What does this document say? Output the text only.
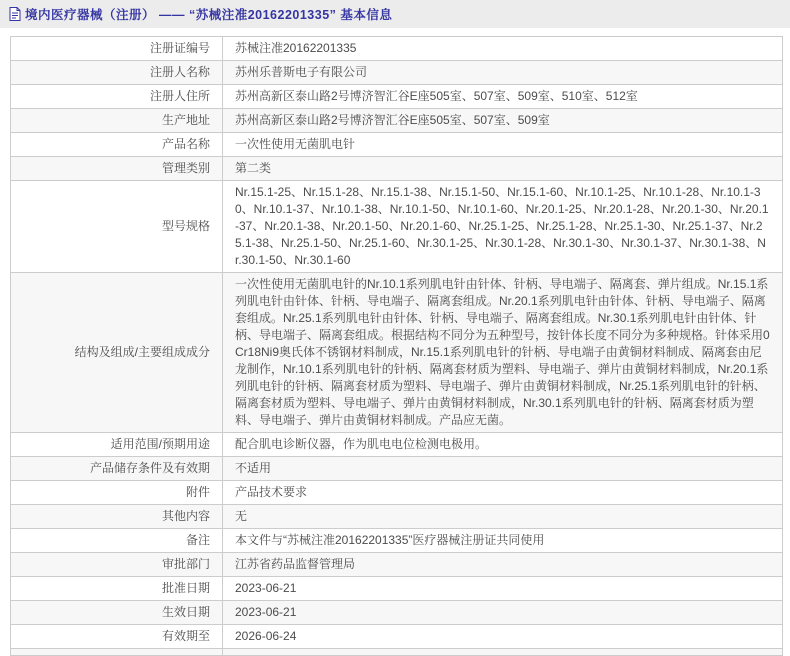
境内医疗器械（注册） —— “苏械注准20162201335” 基本信息
注册证编号	苏械注准20162201335
注册人名称	苏州乐普斯电子有限公司
注册人住所	苏州高新区泰山路2号博济智汇谷E座505室、507室、509室、510室、512室
生产地址	苏州高新区泰山路2号博济智汇谷E座505室、507室、509室
产品名称	一次性使用无菌肌电针
管理类别	第二类
型号规格	Nr.15.1-25、Nr.15.1-28、Nr.15.1-38、Nr.15.1-50、Nr.15.1-60、Nr.10.1-25、Nr.10.1-28、Nr.10.1-30、Nr.10.1-37、Nr.10.1-38、Nr.10.1-50、Nr.10.1-60、Nr.20.1-25、Nr.20.1-28、Nr.20.1-30、Nr.20.1-37、Nr.20.1-38、Nr.20.1-50、Nr.20.1-60、Nr.25.1-25、Nr.25.1-28、Nr.25.1-30、Nr.25.1-37、Nr.25.1-38、Nr.25.1-50、Nr.25.1-60、Nr.30.1-25、Nr.30.1-28、Nr.30.1-30、Nr.30.1-37、Nr.30.1-38、Nr.30.1-50、Nr.30.1-60
结构及组成/主要组成成分	一次性使用无菌肌电针的Nr.10.1系列肌电针由针体、针柄、导电端子、隔离套、弹片组成。Nr.15.1系列肌电针由针体、针柄、导电端子、隔离套组成。Nr.20.1系列肌电针由针体、针柄、导电端子、隔离套组成。Nr.25.1系列肌电针由针体、针柄、导电端子、隔离套组成。Nr.30.1系列肌电针由针体、针柄、导电端子、隔离套组成。根据结构不同分为五种型号，按针体长度不同分为多种规格。针体采用0Cr18Ni9奥氏体不锈钢材料制成，Nr.15.1系列肌电针的针柄、导电端子由黄铜材料制成、隔离套由尼龙制作，Nr.10.1系列肌电针的针柄、隔离套材质为塑料、导电端子、弹片由黄铜材料制成，Nr.20.1系列肌电针的针柄、隔离套材质为塑料、导电端子、弹片由黄铜材料制成，Nr.25.1系列肌电针的针柄、隔离套材质为塑料、导电端子、弹片由黄铜材料制成，Nr.30.1系列肌电针的针柄、隔离套材质为塑料、导电端子、弹片由黄铜材料制成。产品应无菌。
适用范围/预期用途	配合肌电诊断仪器，作为肌电电位检测电极用。
产品储存条件及有效期	不适用
附件	产品技术要求
其他内容	无
备注	本文件与“苏械注准20162201335”医疗器械注册证共同使用
审批部门	江苏省药品监督管理局
批准日期	2023-06-21
生效日期	2023-06-21
有效期至	2026-06-24
